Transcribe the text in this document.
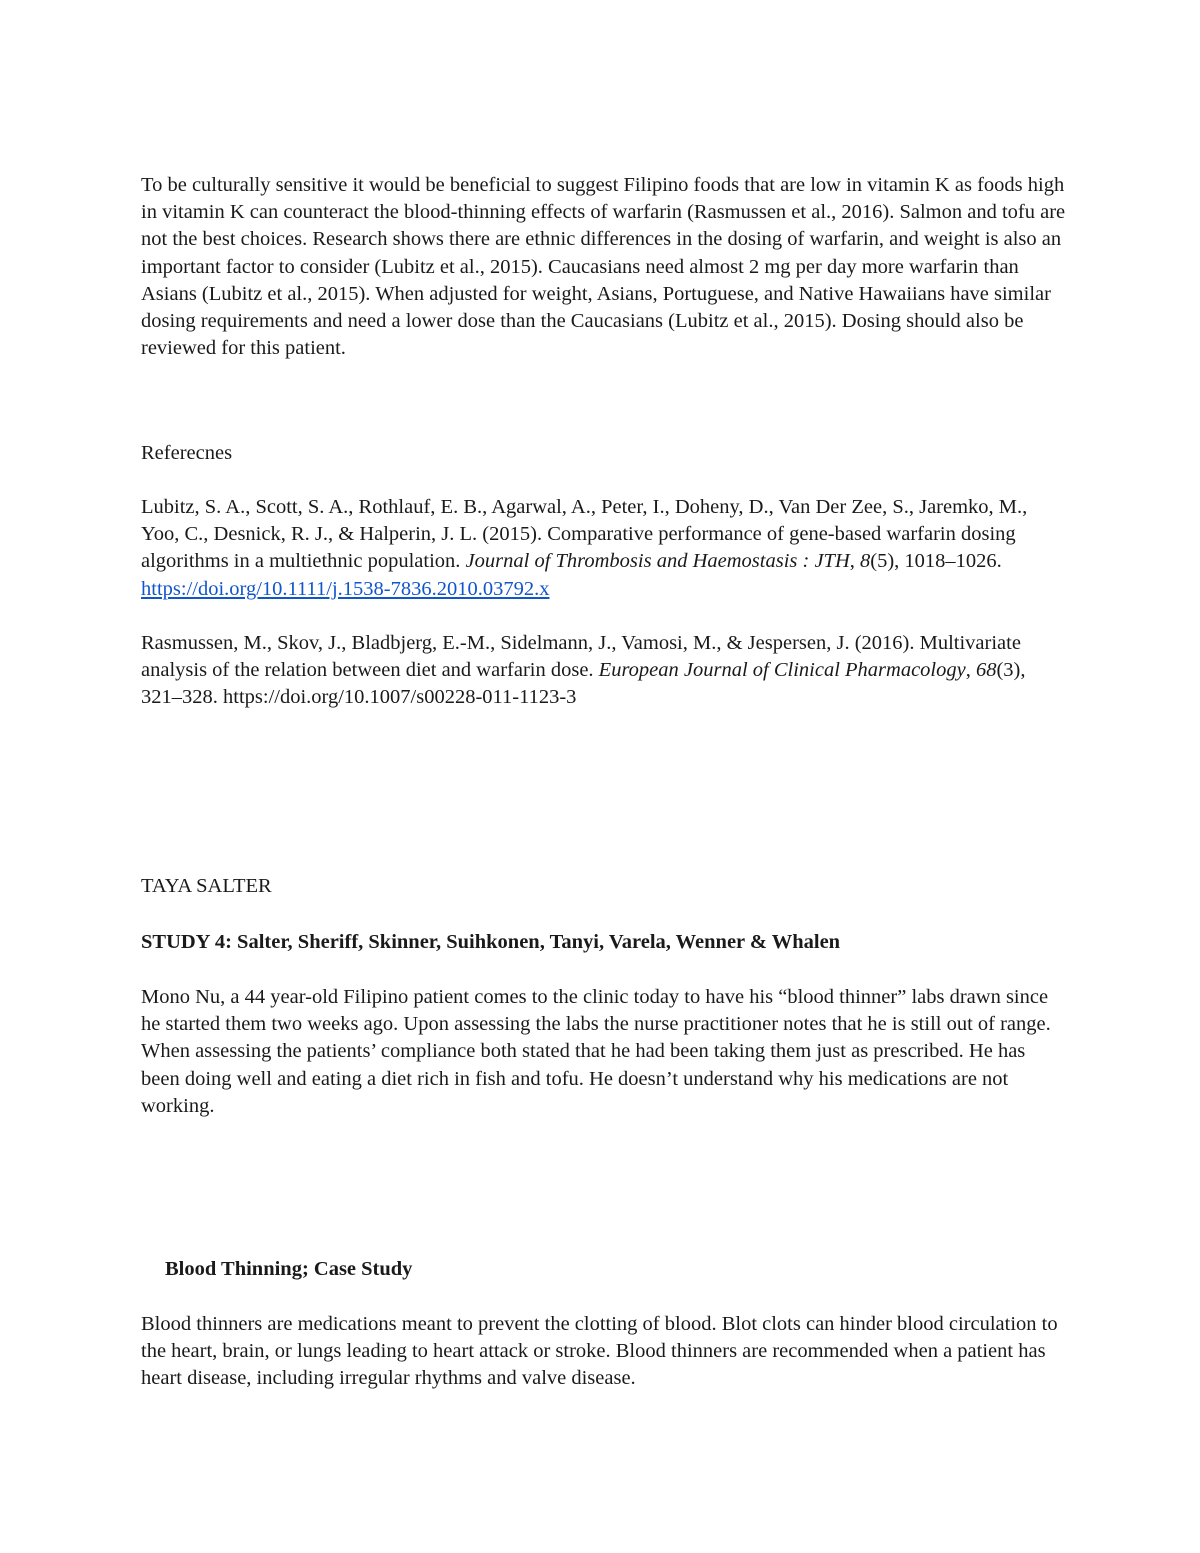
To be culturally sensitive it would be beneficial to suggest Filipino foods that are low in vitamin K as foods high in vitamin K can counteract the blood-thinning effects of warfarin (Rasmussen et al., 2016). Salmon and tofu are not the best choices. Research shows there are ethnic differences in the dosing of warfarin, and weight is also an important factor to consider (Lubitz et al., 2015). Caucasians need almost 2 mg per day more warfarin than Asians (Lubitz et al., 2015). When adjusted for weight, Asians, Portuguese, and Native Hawaiians have similar dosing requirements and need a lower dose than the Caucasians (Lubitz et al., 2015). Dosing should also be reviewed for this patient.

Referecnes

Lubitz, S. A., Scott, S. A., Rothlauf, E. B., Agarwal, A., Peter, I., Doheny, D., Van Der Zee, S., Jaremko, M., Yoo, C., Desnick, R. J., & Halperin, J. L. (2015). Comparative performance of gene-based warfarin dosing algorithms in a multiethnic population. Journal of Thrombosis and Haemostasis : JTH, 8(5), 1018–1026. https://doi.org/10.1111/j.1538-7836.2010.03792.x

Rasmussen, M., Skov, J., Bladbjerg, E.-M., Sidelmann, J., Vamosi, M., & Jespersen, J. (2016). Multivariate analysis of the relation between diet and warfarin dose. European Journal of Clinical Pharmacology, 68(3), 321–328. https://doi.org/10.1007/s00228-011-1123-3

TAYA SALTER

STUDY 4: Salter, Sheriff, Skinner, Suihkonen, Tanyi, Varela, Wenner & Whalen

Mono Nu, a 44 year-old Filipino patient comes to the clinic today to have his “blood thinner” labs drawn since he started them two weeks ago. Upon assessing the labs the nurse practitioner notes that he is still out of range. When assessing the patients’ compliance both stated that he had been taking them just as prescribed. He has been doing well and eating a diet rich in fish and tofu. He doesn’t understand why his medications are not working.

Blood Thinning; Case Study

Blood thinners are medications meant to prevent the clotting of blood. Blot clots can hinder blood circulation to the heart, brain, or lungs leading to heart attack or stroke. Blood thinners are recommended when a patient has heart disease, including irregular rhythms and valve disease.
